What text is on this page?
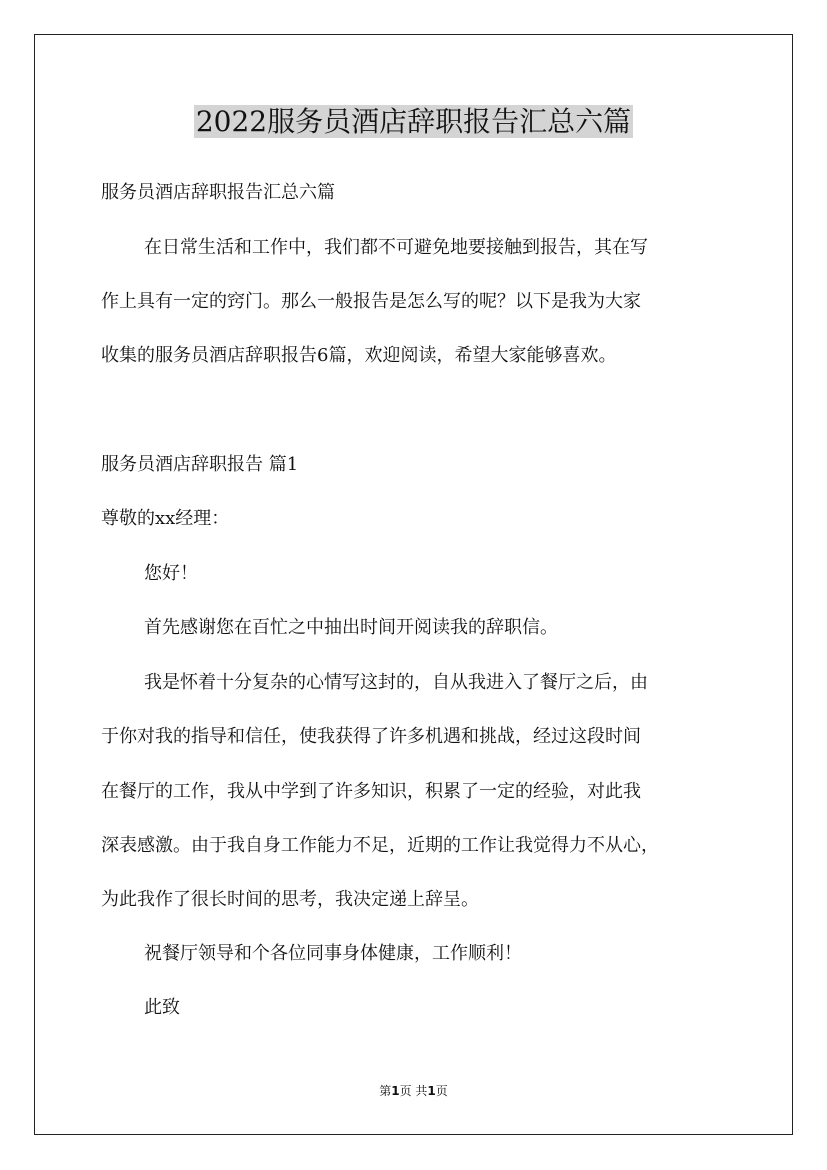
2022服务员酒店辞职报告汇总六篇

服务员酒店辞职报告汇总六篇

在日常生活和工作中，我们都不可避免地要接触到报告，其在写

作上具有一定的窍门。那么一般报告是怎么写的呢？以下是我为大家

收集的服务员酒店辞职报告6篇，欢迎阅读，希望大家能够喜欢。

服务员酒店辞职报告 篇1

尊敬的xx经理：

您好！

首先感谢您在百忙之中抽出时间开阅读我的辞职信。

我是怀着十分复杂的心情写这封的，自从我进入了餐厅之后，由

于你对我的指导和信任，使我获得了许多机遇和挑战，经过这段时间

在餐厅的工作，我从中学到了许多知识，积累了一定的经验，对此我

深表感激。由于我自身工作能力不足，近期的工作让我觉得力不从心，

为此我作了很长时间的思考，我决定递上辞呈。

祝餐厅领导和个各位同事身体健康，工作顺利！

此致

第1页 共1页
